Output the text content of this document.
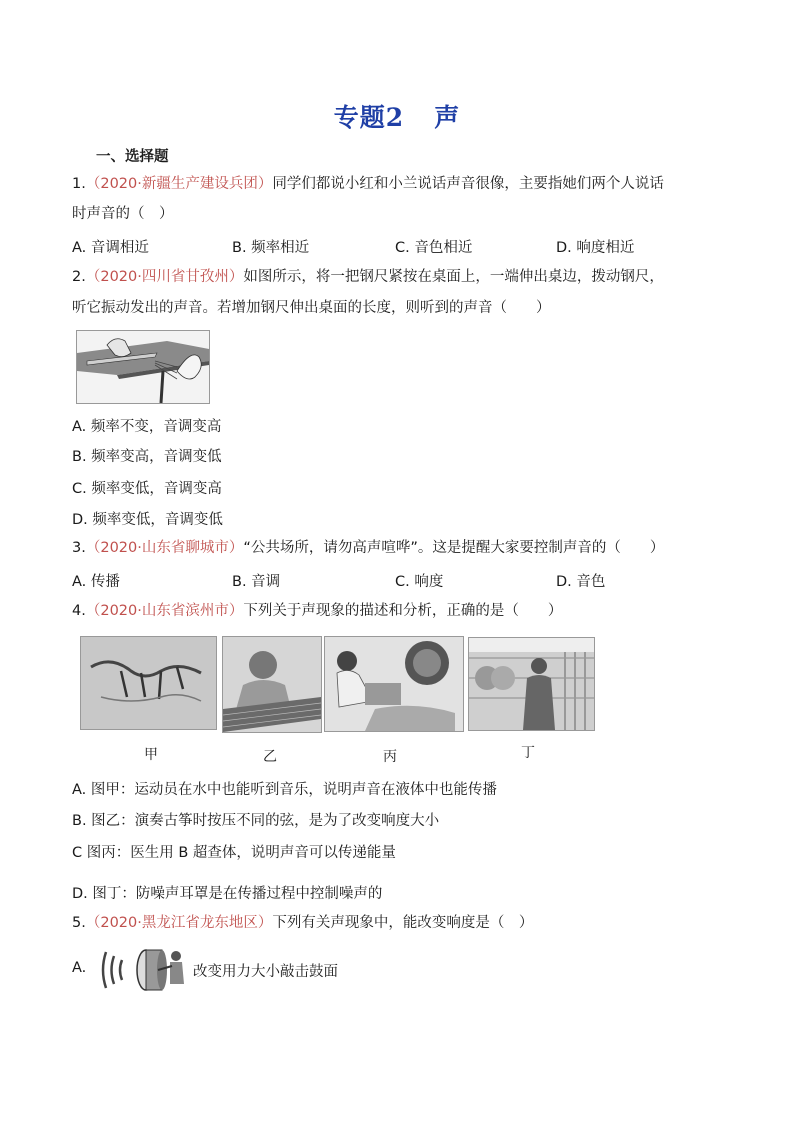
专题2 声
一、选择题
1.（2020·新疆生产建设兵团）同学们都说小红和小兰说话声音很像，主要指她们两个人说话
时声音的（　）
A. 音调相近	B. 频率相近	C. 音色相近	D. 响度相近
2.（2020·四川省甘孜州）如图所示，将一把钢尺紧按在桌面上，一端伸出桌边，拨动钢尺，
听它振动发出的声音。若增加钢尺伸出桌面的长度，则听到的声音（　　）
A. 频率不变，音调变高
B. 频率变高，音调变低
C. 频率变低，音调变高
D. 频率变低，音调变低
3.（2020·山东省聊城市）“公共场所，请勿高声喧哗”。这是提醒大家要控制声音的（　　）
A. 传播	B. 音调	C. 响度	D. 音色
4.（2020·山东省滨州市）下列关于声现象的描述和分析，正确的是（　　）
甲	乙	丙	丁
A. 图甲：运动员在水中也能听到音乐，说明声音在液体中也能传播
B. 图乙：演奏古筝时按压不同的弦，是为了改变响度大小
C 图丙：医生用 B 超查体，说明声音可以传递能量
D. 图丁：防噪声耳罩是在传播过程中控制噪声的
5.（2020·黑龙江省龙东地区）下列有关声现象中，能改变响度是（　）
A.	改变用力大小敲击鼓面
